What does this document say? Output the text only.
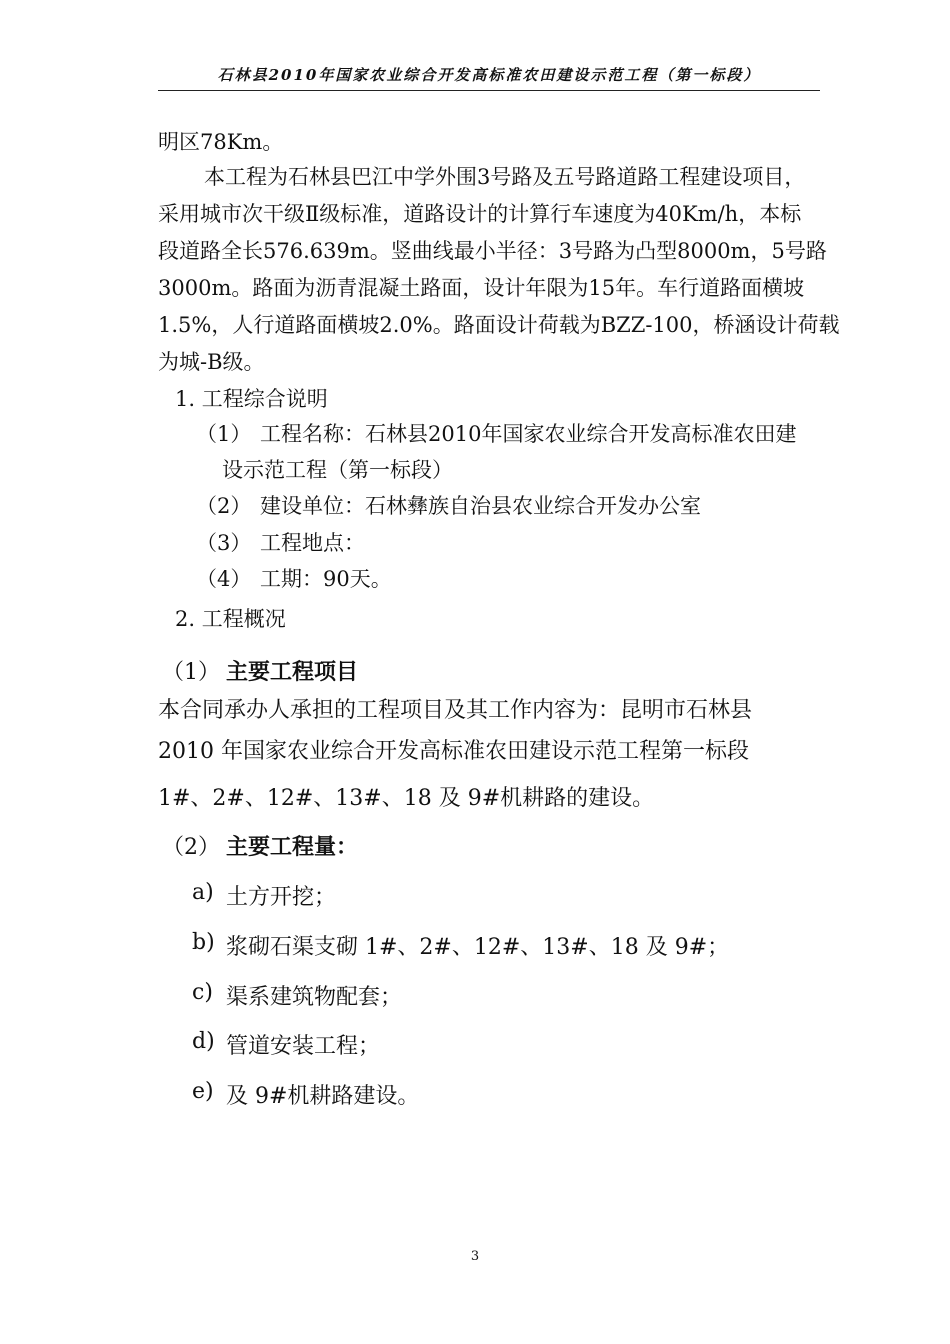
石林县2010年国家农业综合开发高标准农田建设示范工程（第一标段）
明区78Km。
本工程为石林县巴江中学外围3号路及五号路道路工程建设项目，
采用城市次干级Ⅱ级标准，道路设计的计算行车速度为40Km/h，本标
段道路全长576.639m。竖曲线最小半径：3号路为凸型8000m，5号路
3000m。路面为沥青混凝土路面，设计年限为15年。车行道路面横坡
1.5%，人行道路面横坡2.0%。路面设计荷载为BZZ-100，桥涵设计荷载
为城-B级。
1. 工程综合说明
（1） 工程名称：石林县2010年国家农业综合开发高标准农田建
设示范工程（第一标段）
（2） 建设单位：石林彝族自治县农业综合开发办公室
（3） 工程地点：
（4） 工期：90天。
2. 工程概况
（1） 主要工程项目
本合同承办人承担的工程项目及其工作内容为：昆明市石林县
2010 年国家农业综合开发高标准农田建设示范工程第一标段
1#、2#、12#、13#、18 及 9#机耕路的建设。
（2） 主要工程量：
a) 土方开挖；
b) 浆砌石渠支砌 1#、2#、12#、13#、18 及 9#；
c) 渠系建筑物配套；
d) 管道安装工程；
e) 及 9#机耕路建设。
3
